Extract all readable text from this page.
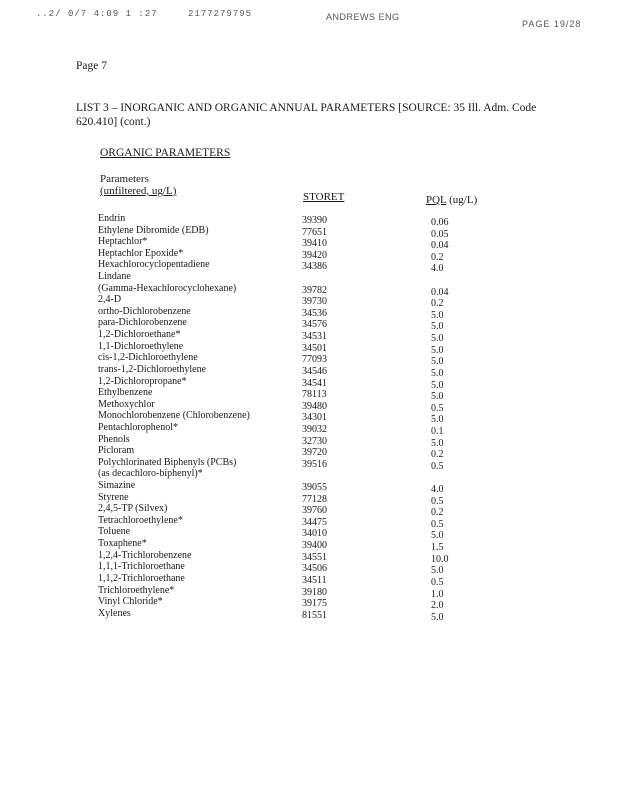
..2/ 0/7 4:09 1 :27	2177279795	ANDREWS ENG
PAGE 19/28
Page 7
LIST 3 – INORGANIC AND ORGANIC ANNUAL PARAMETERS [SOURCE: 35 Ill. Adm. Code 620.410] (cont.)
ORGANIC PARAMETERS
Parameters
(unfiltered, ug/L)	STORET	PQL (ug/L)
Endrin	39390	0.06
Ethylene Dibromide (EDB)	77651	0.05
Heptachlor*	39410	0.04
Heptachlor Epoxide*	39420	0.2
Hexachlorocyclopentadiene	34386	4.0
Lindane
(Gamma-Hexachlorocyclohexane)	39782	0.04
2,4-D	39730	0.2
ortho-Dichlorobenzene	34536	5.0
para-Dichlorobenzene	34576	5.0
1,2-Dichloroethane*	34531	5.0
1,1-Dichloroethylene	34501	5.0
cis-1,2-Dichloroethylene	77093	5.0
trans-1,2-Dichloroethylene	34546	5.0
1,2-Dichloropropane*	34541	5.0
Ethylbenzene	78113	5.0
Methoxychlor	39480	0.5
Monochlorobenzene (Chlorobenzene)	34301	5.0
Pentachlorophenol*	39032	0.1
Phenols	32730	5.0
Picloram	39720	0.2
Polychlorinated Biphenyls (PCBs)	39516	0.5
(as decachloro-biphenyl)*
Simazine	39055	4.0
Styrene	77128	0.5
2,4,5-TP (Silvex)	39760	0.2
Tetrachloroethylene*	34475	0.5
Toluene	34010	5.0
Toxaphene*	39400	1.5
1,2,4-Trichlorobenzene	34551	10.0
1,1,1-Trichloroethane	34506	5.0
1,1,2-Trichloroethane	34511	0.5
Trichloroethylene*	39180	1.0
Vinyl Chloride*	39175	2.0
Xylenes	81551	5.0
